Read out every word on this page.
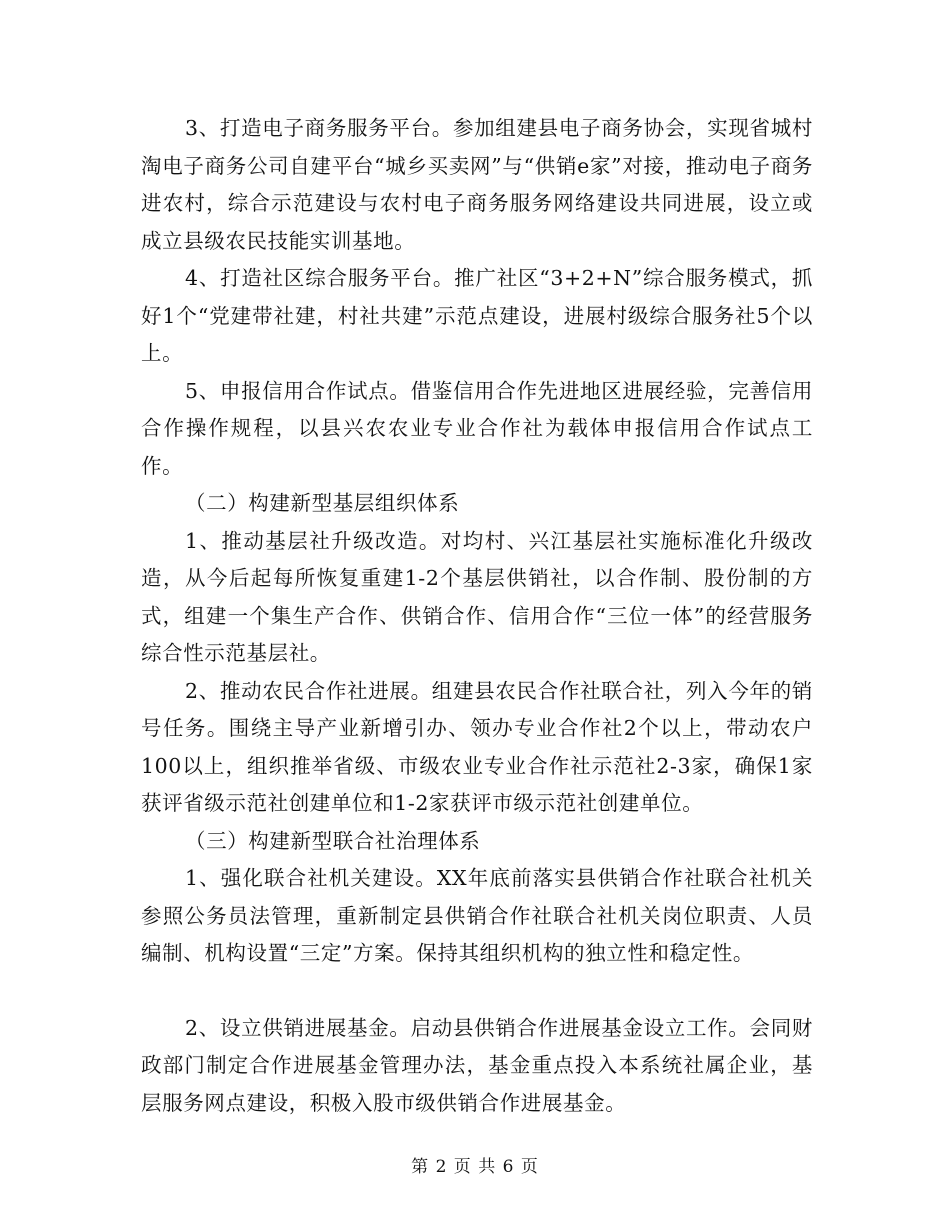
3、打造电子商务服务平台。参加组建县电子商务协会，实现省城村淘电子商务公司自建平台“城乡买卖网”与“供销e家”对接，推动电子商务进农村，综合示范建设与农村电子商务服务网络建设共同进展，设立或成立县级农民技能实训基地。

4、打造社区综合服务平台。推广社区“3+2+N”综合服务模式，抓好1个“党建带社建，村社共建”示范点建设，进展村级综合服务社5个以上。

5、申报信用合作试点。借鉴信用合作先进地区进展经验，完善信用合作操作规程，以县兴农农业专业合作社为载体申报信用合作试点工作。

（二）构建新型基层组织体系

1、推动基层社升级改造。对均村、兴江基层社实施标准化升级改造，从今后起每所恢复重建1-2个基层供销社，以合作制、股份制的方式，组建一个集生产合作、供销合作、信用合作“三位一体”的经营服务综合性示范基层社。

2、推动农民合作社进展。组建县农民合作社联合社，列入今年的销号任务。围绕主导产业新增引办、领办专业合作社2个以上，带动农户100以上，组织推举省级、市级农业专业合作社示范社2-3家，确保1家获评省级示范社创建单位和1-2家获评市级示范社创建单位。

（三）构建新型联合社治理体系

1、强化联合社机关建设。XX年底前落实县供销合作社联合社机关参照公务员法管理，重新制定县供销合作社联合社机关岗位职责、人员编制、机构设置“三定”方案。保持其组织机构的独立性和稳定性。

2、设立供销进展基金。启动县供销合作进展基金设立工作。会同财政部门制定合作进展基金管理办法，基金重点投入本系统社属企业，基层服务网点建设，积极入股市级供销合作进展基金。

第 2 页 共 6 页
